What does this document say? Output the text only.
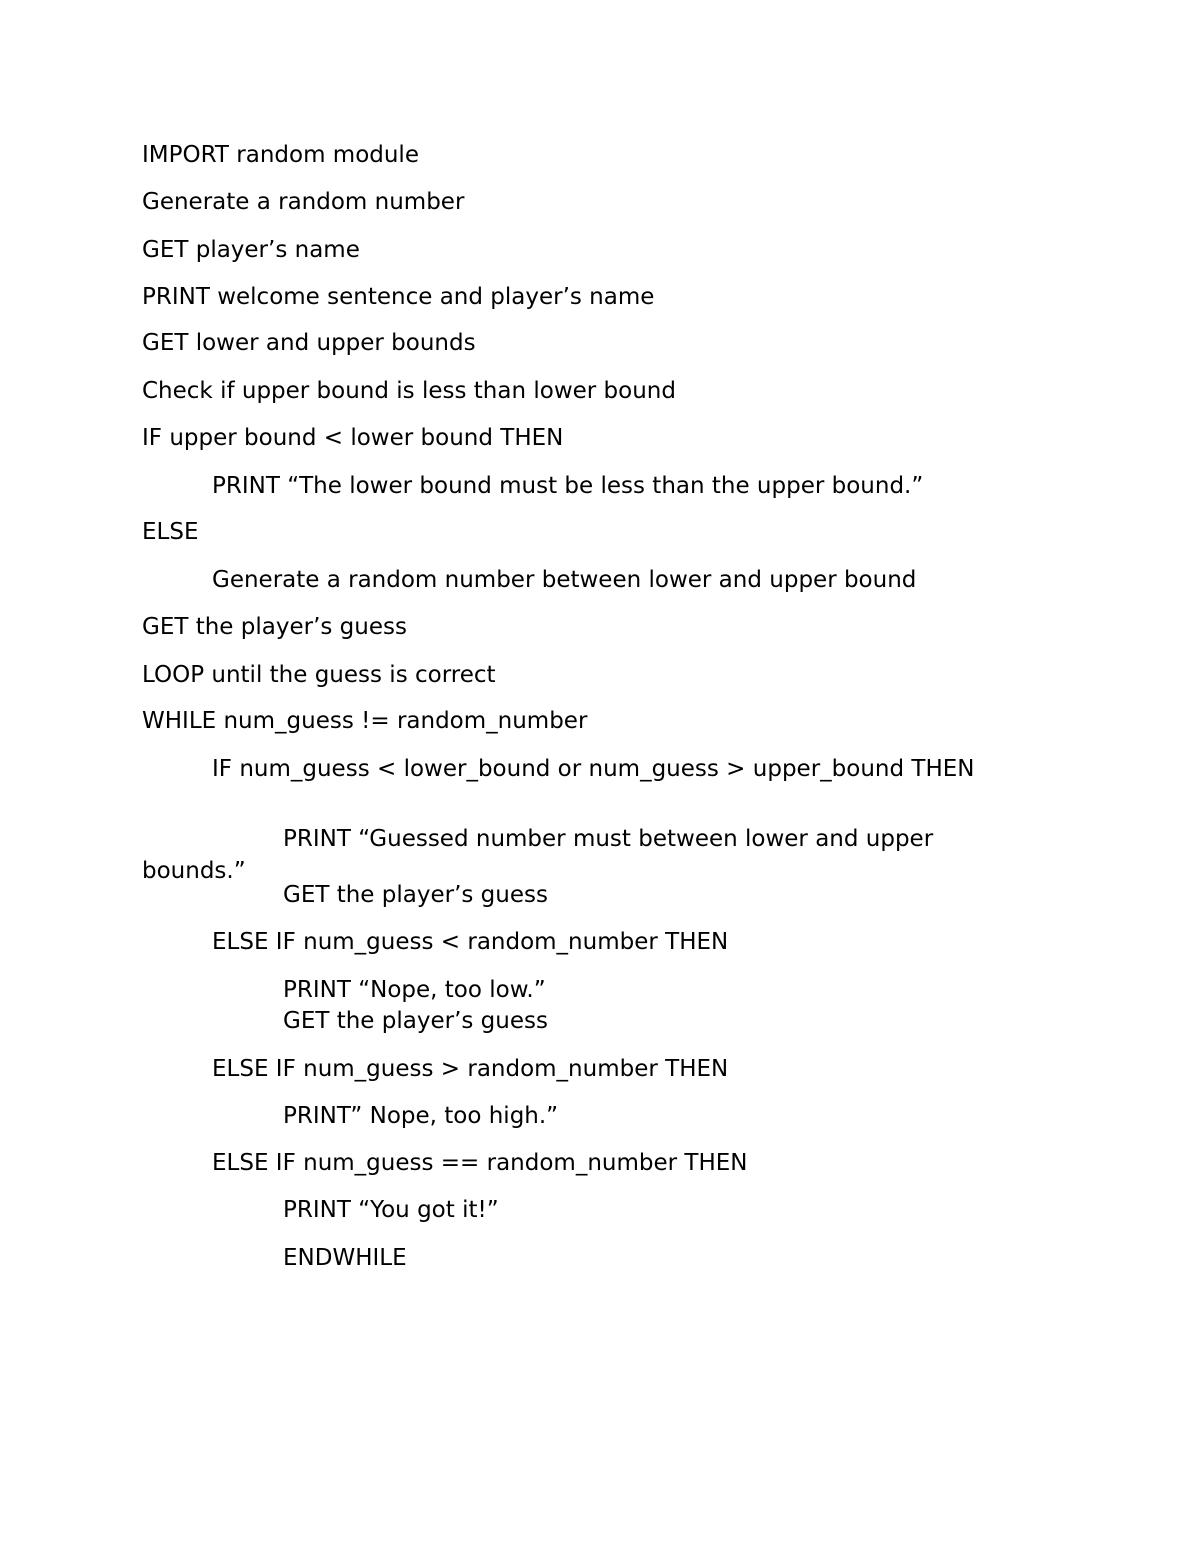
IMPORT random module

Generate a random number

GET player’s name

PRINT welcome sentence and player’s name

GET lower and upper bounds

Check if upper bound is less than lower bound

IF upper bound < lower bound THEN

PRINT “The lower bound must be less than the upper bound.”

ELSE

Generate a random number between lower and upper bound

GET the player’s guess

LOOP until the guess is correct

WHILE num_guess != random_number

IF num_guess < lower_bound or num_guess > upper_bound THEN

PRINT “Guessed number must between lower and upper bounds.”

GET the player’s guess

ELSE IF num_guess < random_number THEN

PRINT “Nope, too low.”

GET the player’s guess

ELSE IF num_guess > random_number THEN

PRINT” Nope, too high.”

ELSE IF num_guess == random_number THEN

PRINT “You got it!”

ENDWHILE
